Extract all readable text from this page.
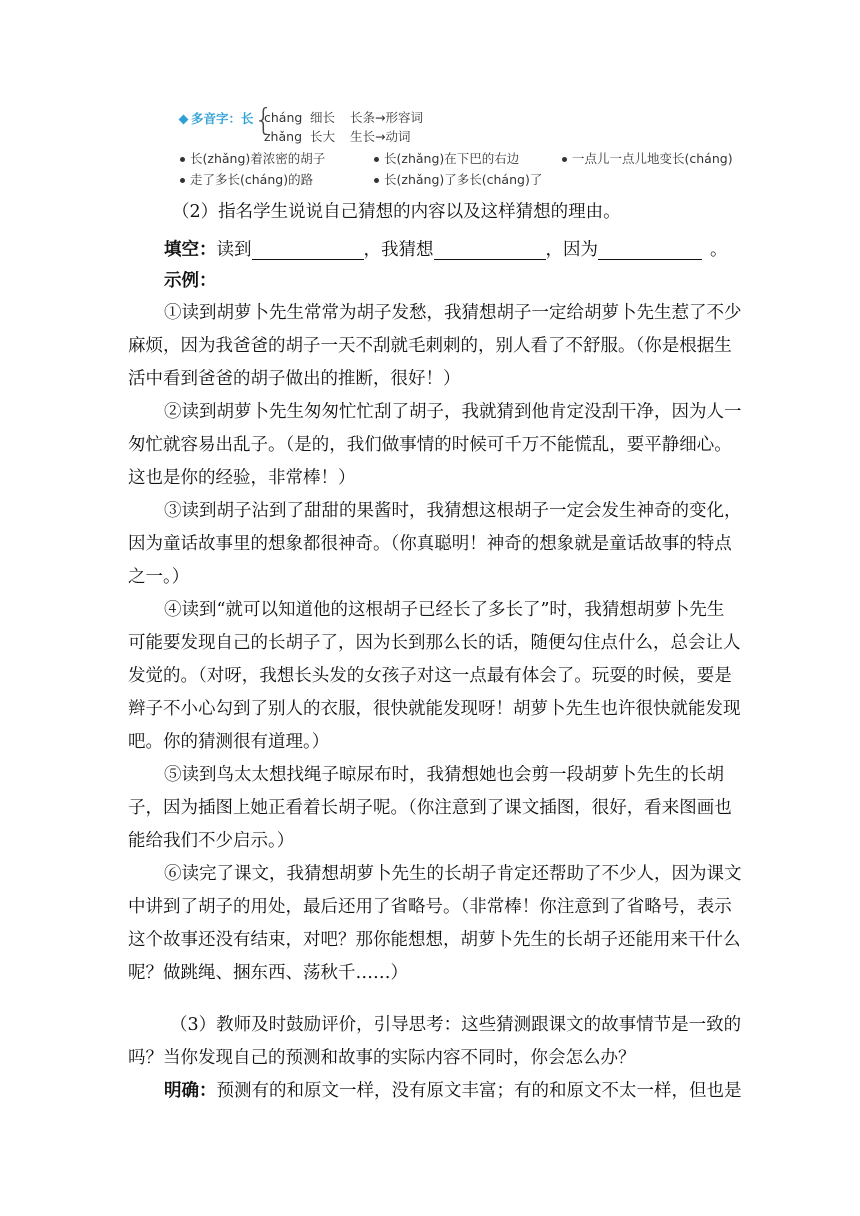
多音字：长 {
cháng 细长 长条→形容词
zhǎng 长大 生长→动词
长(zhǎng)着浓密的胡子	长(zhǎng)在下巴的右边	一点儿一点儿地变长(cháng)
走了多长(cháng)的路	长(zhǎng)了多长(cháng)了

（2）指名学生说说自己猜想的内容以及这样猜想的理由。

填空：读到	，我猜想	，因为	。

示例：

①读到胡萝卜先生常常为胡子发愁，我猜想胡子一定给胡萝卜先生惹了不少

麻烦，因为我爸爸的胡子一天不刮就毛刺刺的，别人看了不舒服。（你是根据生

活中看到爸爸的胡子做出的推断，很好！）

②读到胡萝卜先生匆匆忙忙刮了胡子，我就猜到他肯定没刮干净，因为人一

匆忙就容易出乱子。（是的，我们做事情的时候可千万不能慌乱，要平静细心。

这也是你的经验，非常棒！）

③读到胡子沾到了甜甜的果酱时，我猜想这根胡子一定会发生神奇的变化，

因为童话故事里的想象都很神奇。（你真聪明！神奇的想象就是童话故事的特点

之一。）

④读到“就可以知道他的这根胡子已经长了多长了”时，我猜想胡萝卜先生

可能要发现自己的长胡子了，因为长到那么长的话，随便勾住点什么，总会让人

发觉的。（对呀，我想长头发的女孩子对这一点最有体会了。玩耍的时候，要是

辫子不小心勾到了别人的衣服，很快就能发现呀！胡萝卜先生也许很快就能发现

吧。你的猜测很有道理。）

⑤读到鸟太太想找绳子晾尿布时，我猜想她也会剪一段胡萝卜先生的长胡

子，因为插图上她正看着长胡子呢。（你注意到了课文插图，很好，看来图画也

能给我们不少启示。）

⑥读完了课文，我猜想胡萝卜先生的长胡子肯定还帮助了不少人，因为课文

中讲到了胡子的用处，最后还用了省略号。（非常棒！你注意到了省略号，表示

这个故事还没有结束，对吧？那你能想想，胡萝卜先生的长胡子还能用来干什么

呢？做跳绳、捆东西、荡秋千……）

（3）教师及时鼓励评价，引导思考：这些猜测跟课文的故事情节是一致的

吗？当你发现自己的预测和故事的实际内容不同时，你会怎么办？

明确：预测有的和原文一样，没有原文丰富；有的和原文不太一样，但也是
